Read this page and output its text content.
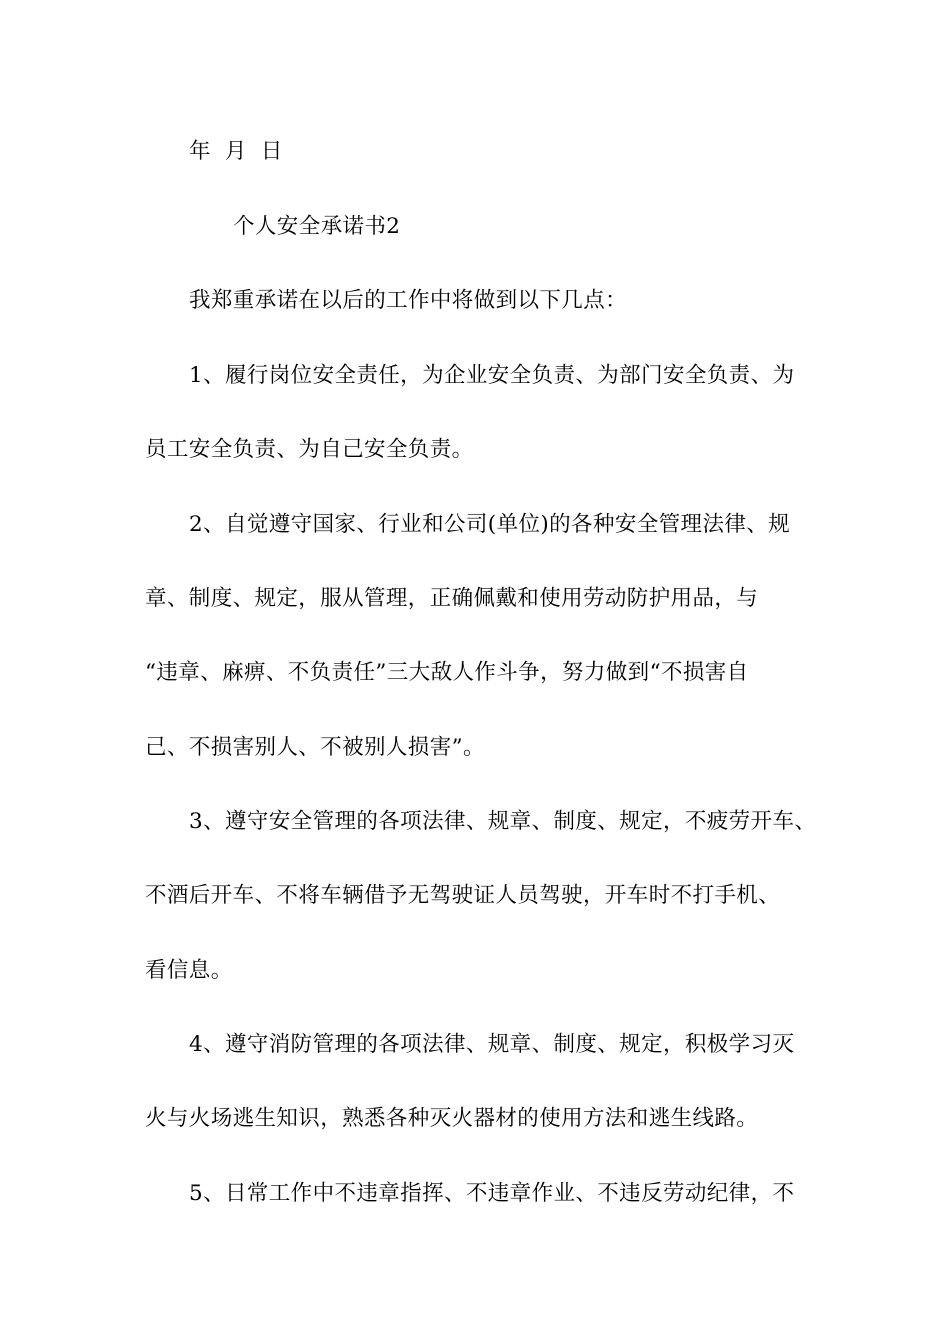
年 月 日
个人安全承诺书2
我郑重承诺在以后的工作中将做到以下几点：
1、履行岗位安全责任，为企业安全负责、为部门安全负责、为
员工安全负责、为自己安全负责。
2、自觉遵守国家、行业和公司(单位)的各种安全管理法律、规
章、制度、规定，服从管理，正确佩戴和使用劳动防护用品，与
“违章、麻痹、不负责任”三大敌人作斗争，努力做到“不损害自
己、不损害别人、不被别人损害”。
3、遵守安全管理的各项法律、规章、制度、规定，不疲劳开车、
不酒后开车、不将车辆借予无驾驶证人员驾驶，开车时不打手机、
看信息。
4、遵守消防管理的各项法律、规章、制度、规定，积极学习灭
火与火场逃生知识，熟悉各种灭火器材的使用方法和逃生线路。
5、日常工作中不违章指挥、不违章作业、不违反劳动纪律，不
